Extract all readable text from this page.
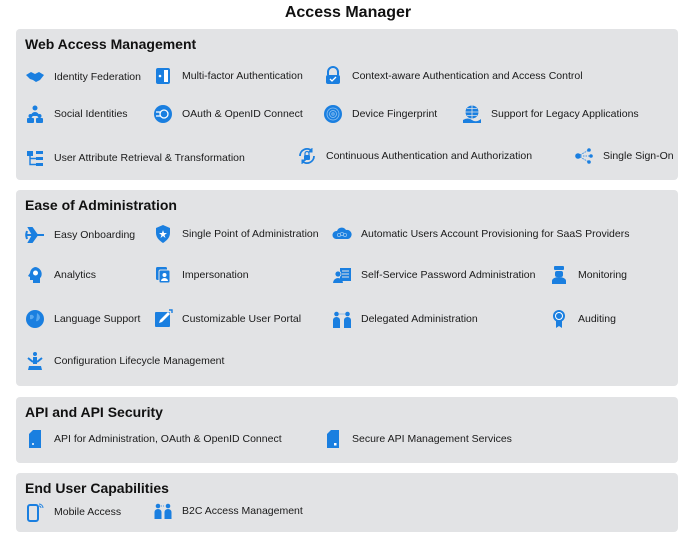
Access Manager
Web Access Management
Identity Federation	Multi-factor Authentication	Context-aware Authentication and Access Control
Social Identities	OAuth & OpenID Connect	Device Fingerprint	Support for Legacy Applications
User Attribute Retrieval & Transformation	Continuous Authentication and Authorization	Single Sign-On
Ease of Administration
Easy Onboarding	Single Point of Administration	Automatic Users Account Provisioning for SaaS Providers
Analytics	Impersonation	Self-Service Password Administration	Monitoring
Language Support	Customizable User Portal	Delegated Administration	Auditing
Configuration Lifecycle Management
API and API Security
API for Administration, OAuth & OpenID Connect	Secure API Management Services
End User Capabilities
Mobile Access	B2C Access Management
